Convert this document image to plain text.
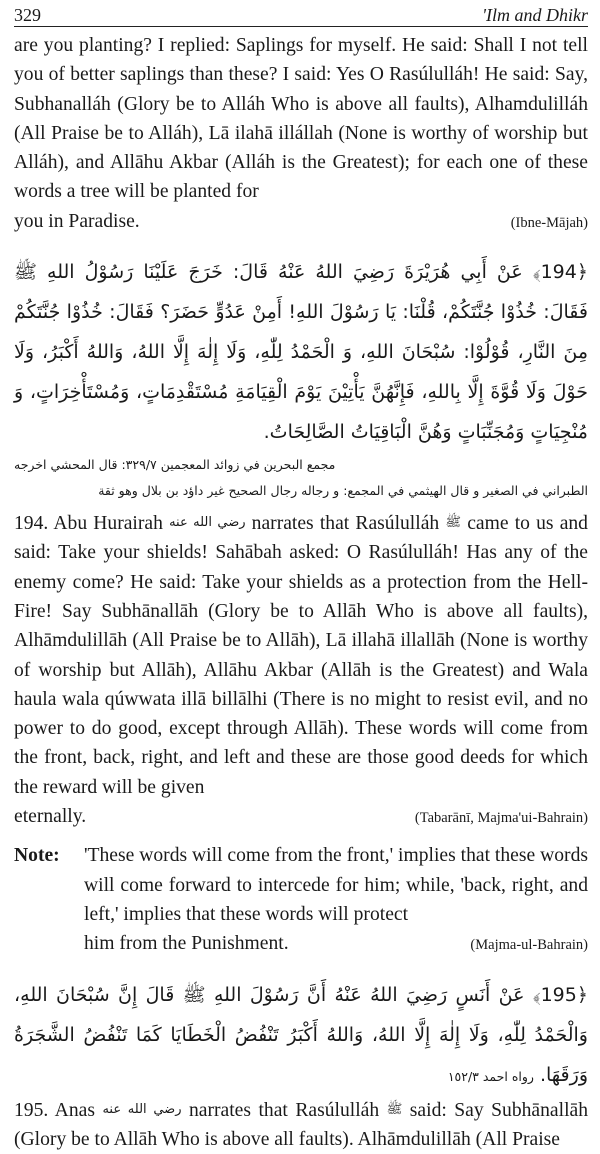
329	'Ilm and Dhikr

are you planting? I replied: Saplings for myself. He said: Shall I not tell you of better saplings than these? I said: Yes O Rasúlulláh! He said: Say, Subhanalláh (Glory be to Alláh Who is above all faults), Alhamdulilláh (All Praise be to Alláh), Lā ilahā illállah (None is worthy of worship but Alláh), and Allāhu Akbar (Alláh is the Greatest); for each one of these words a tree will be planted for

you in Paradise.	(Ibne-Mājah)

﴿194﴾ عَنْ أَبِي هُرَيْرَةَ رَضِيَ اللهُ عَنْهُ قَالَ: خَرَجَ عَلَيْنَا رَسُوْلُ اللهِ ﷺ فَقَالَ: خُذُوْا جُنَّتَكُمْ، قُلْنَا: يَا رَسُوْلَ اللهِ! أَمِنْ عَدُوٍّ حَضَرَ؟ فَقَالَ: خُذُوْا جُنَّتَكُمْ مِنَ النَّارِ، قُوْلُوْا: سُبْحَانَ اللهِ، وَ الْحَمْدُ لِلّٰهِ، وَلَا إِلٰهَ إِلَّا اللهُ، وَاللهُ أَكْبَرُ، وَلَا حَوْلَ وَلَا قُوَّةَ إِلَّا بِاللهِ، فَإِنَّهُنَّ يَأْتِيْنَ يَوْمَ الْقِيَامَةِ مُسْتَقْدِمَاتٍ، وَمُسْتَأْخِرَاتٍ، وَ مُنْجِيَاتٍ وَمُجَنِّبَاتٍ وَهُنَّ الْبَاقِيَاتُ الصَّالِحَاتُ.

مجمع البحرين في زوائد المعجمين ٣٢٩/٧: قال المحشي اخرجه

الطبراني في الصغير و قال الهيثمي في المجمع: و رجاله رجال الصحيح غير داؤد بن بلال وهو ثقة

194. Abu Hurairah رضي الله عنه narrates that Rasúlulláh ﷺ came to us and said: Take your shields! Sahābah asked: O Rasúlulláh! Has any of the enemy come? He said: Take your shields as a protection from the Hell-Fire! Say Subhānallāh (Glory be to Allāh Who is above all faults), Alhāmdulillāh (All Praise be to Allāh), Lā illahā illallāh (None is worthy of worship but Allāh), Allāhu Akbar (Allāh is the Greatest) and Wala haula wala qúwwata illā billālhi (There is no might to resist evil, and no power to do good, except through Allāh). These words will come from the front, back, right, and left and these are those good deeds for which the reward will be given

eternally.	(Tabarānī, Majma'ui-Bahrain)
Note:	'These words will come from the front,' implies that these words will come forward to intercede for him; while, 'back, right, and left,' implies that these words will protect

him from the Punishment.	(Majma-ul-Bahrain)

﴿195﴾ عَنْ أَنَسٍ رَضِيَ اللهُ عَنْهُ أَنَّ رَسُوْلَ اللهِ ﷺ قَالَ إِنَّ سُبْحَانَ اللهِ، وَالْحَمْدُ لِلّٰهِ، وَلَا إِلٰهَ إِلَّا اللهُ، وَاللهُ أَكْبَرُ تَنْفُضُ الْخَطَايَا كَمَا تَنْفُضُ الشَّجَرَةُ وَرَقَهَا. رواه احمد ١٥٢/٣

195. Anas رضي الله عنه narrates that Rasúlulláh ﷺ said: Say Subhānallāh (Glory be to Allāh Who is above all faults). Alhāmdulillāh (All Praise
